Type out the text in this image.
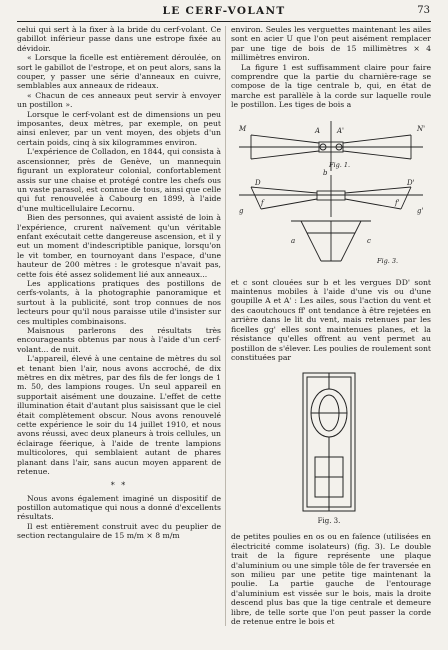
LE CERF-VOLANT	73

celui qui sert à la fixer à la bride du cerf-volant. Ce gabillot inférieur passe dans une estrope fixée au dévidoir.

« Lorsque la ficelle est entièrement déroulée, on sort le gabillot de l'estrope, et on peut alors, sans la couper, y passer une série d'anneaux en cuivre, semblables aux anneaux de rideaux.

« Chacun de ces anneaux peut servir à envoyer un postillon ».

Lorsque le cerf-volant est de dimensions un peu imposantes, deux mètres, par exemple, on peut ainsi enlever, par un vent moyen, des objets d'un certain poids, cinq à six kilogrammes environ.

L'expérience de Colladon, en 1844, qui consista à ascensionner, près de Genève, un mannequin figurant un explorateur colonial, confortablement assis sur une chaise et protégé contre les chefs ous un vaste parasol, est connue de tous, ainsi que celle qui fut renouvelée à Cabourg en 1899, à l'aide d'une multicellulaire Lecornu.

Bien des personnes, qui avaient assisté de loin à l'expérience, crurent naïvement qu'un véritable enfant exécutait cette dangereuse ascension, et il y eut un moment d'indescriptible panique, lorsqu'on le vit tomber, en tournoyant dans l'espace, d'une hauteur de 200 mètres : le grotesque n'avait pas, cette fois été assez solidement lié aux anneaux...

Les applications pratiques des postillons de cerfs-volants, à la photographie panoramique et surtout à la publicité, sont trop connues de nos lecteurs pour qu'il nous paraisse utile d'insister sur ces multiples combinaisons.

Maisnous parlerons des résultats très encourageants obtenus par nous à l'aide d'un cerf-volant... de nuit.

L'appareil, élevé à une centaine de mètres du sol et tenant bien l'air, nous avons accroché, de dix mètres en dix mètres, par des fils de fer longs de 1 m. 50, des lampions rouges. Un seul appareil en supportait aisément une douzaine. L'effet de cette illumination était d'autant plus saisissant que le ciel était complètement obscur. Nous avons renouvelé cette expérience le soir du 14 juillet 1910, et nous avons réussi, avec deux planeurs à trois cellules, un éclairage féerique, à l'aide de trente lampions multicolores, qui semblaient autant de phares planant dans l'air, sans aucun moyen apparent de retenue.

* *

Nous avons également imaginé un dispositif de postillon automatique qui nous a donné d'excellents résultats.

Il est entièrement construit avec du peuplier de section rectangulaire de 15 m/m × 8 m/m

environ. Seules les verguettes maintenant les ailes sont en acier U que l'on peut aisément remplacer par une tige de bois de 15 millimètres × 4 millimètres environ.

La figure 1 est suffisamment claire pour faire comprendre que la partie du charnière-rage se compose de la tige centrale b, qui, en état de marche est parallèle à la corde sur laquelle roule le postillon. Les tiges de bois a

M	N'
A A'
b
D	D'
f	f'
g	g'
a	c
Fig. 1.
Fig. 3.

et c sont clouées sur b et les vergues DD' sont maintenus mobiles à l'aide d'une vis ou d'une goupille A et A' : Les ailes, sous l'action du vent et des caoutchoucs ff' ont tendance à être rejetées en arrière dans le lit du vent, mais retenues par les ficelles gg' elles sont maintenues planes, et la résistance qu'elles offrent au vent permet au postillon de s'élever. Les poulies de roulement sont constituées par

Fig. 3.

de petites poulies en os ou en faïence (utilisées en électricité comme isolateurs) (fig. 3). Le double trait de la figure représente une plaque d'aluminium ou une simple tôle de fer traversée en son milieu par une petite tige maintenant la poulie. La partie gauche de l'entourage d'aluminium est vissée sur le bois, mais la droite descend plus bas que la tige centrale et demeure libre, de telle sorte que l'on peut passer la corde de retenue entre le bois et
